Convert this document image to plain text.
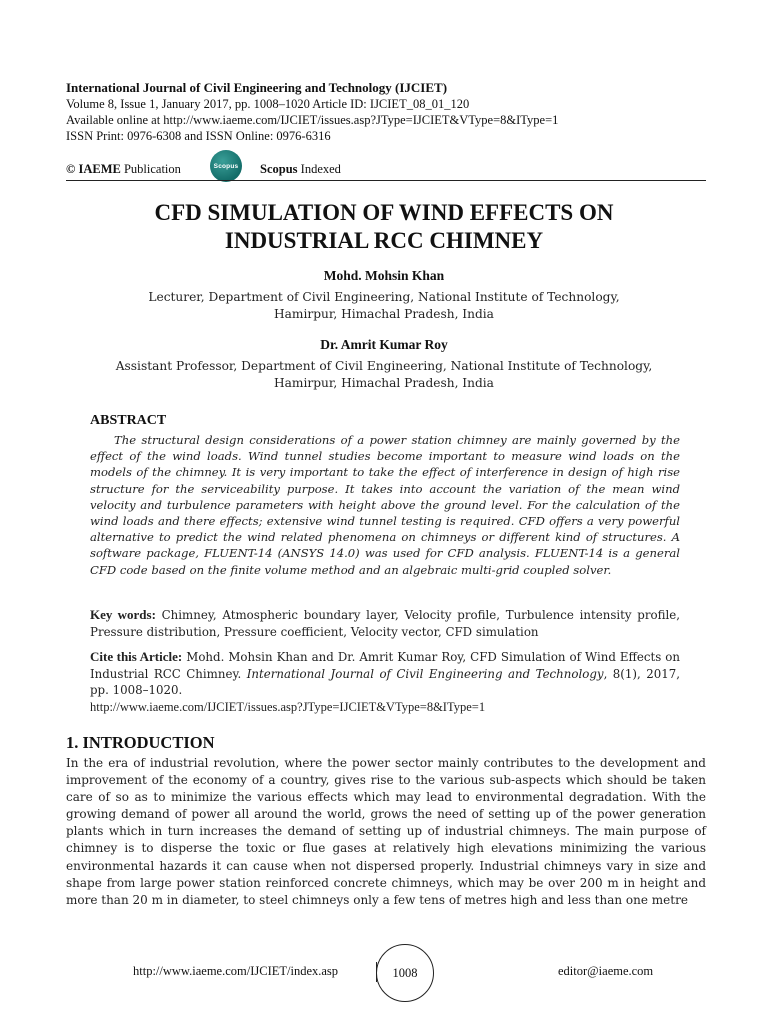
International Journal of Civil Engineering and Technology (IJCIET)
Volume 8, Issue 1, January 2017, pp. 1008–1020 Article ID: IJCIET_08_01_120
Available online at http://www.iaeme.com/IJCIET/issues.asp?JType=IJCIET&VType=8&IType=1
ISSN Print: 0976-6308 and ISSN Online: 0976-6316
© IAEME Publication	Scopus Scopus Indexed
CFD SIMULATION OF WIND EFFECTS ON
INDUSTRIAL RCC CHIMNEY
Mohd. Mohsin Khan
Lecturer, Department of Civil Engineering, National Institute of Technology,
Hamirpur, Himachal Pradesh, India
Dr. Amrit Kumar Roy
Assistant Professor, Department of Civil Engineering, National Institute of Technology,
Hamirpur, Himachal Pradesh, India
ABSTRACT
The structural design considerations of a power station chimney are mainly governed by the effect of the wind loads. Wind tunnel studies become important to measure wind loads on the models of the chimney. It is very important to take the effect of interference in design of high rise structure for the serviceability purpose. It takes into account the variation of the mean wind velocity and turbulence parameters with height above the ground level. For the calculation of the wind loads and there effects; extensive wind tunnel testing is required. CFD offers a very powerful alternative to predict the wind related phenomena on chimneys or different kind of structures. A software package, FLUENT-14 (ANSYS 14.0) was used for CFD analysis. FLUENT-14 is a general CFD code based on the finite volume method and an algebraic multi-grid coupled solver.
Key words: Chimney, Atmospheric boundary layer, Velocity profile, Turbulence intensity profile, Pressure distribution, Pressure coefficient, Velocity vector, CFD simulation
Cite this Article: Mohd. Mohsin Khan and Dr. Amrit Kumar Roy, CFD Simulation of Wind Effects on Industrial RCC Chimney. International Journal of Civil Engineering and Technology, 8(1), 2017, pp. 1008–1020.
http://www.iaeme.com/IJCIET/issues.asp?JType=IJCIET&VType=8&IType=1
1. INTRODUCTION
In the era of industrial revolution, where the power sector mainly contributes to the development and improvement of the economy of a country, gives rise to the various sub-aspects which should be taken care of so as to minimize the various effects which may lead to environmental degradation. With the growing demand of power all around the world, grows the need of setting up of the power generation plants which in turn increases the demand of setting up of industrial chimneys. The main purpose of chimney is to disperse the toxic or flue gases at relatively high elevations minimizing the various environmental hazards it can cause when not dispersed properly. Industrial chimneys vary in size and shape from large power station reinforced concrete chimneys, which may be over 200 m in height and more than 20 m in diameter, to steel chimneys only a few tens of metres high and less than one metre
http://www.iaeme.com/IJCIET/index.asp	1008	editor@iaeme.com
